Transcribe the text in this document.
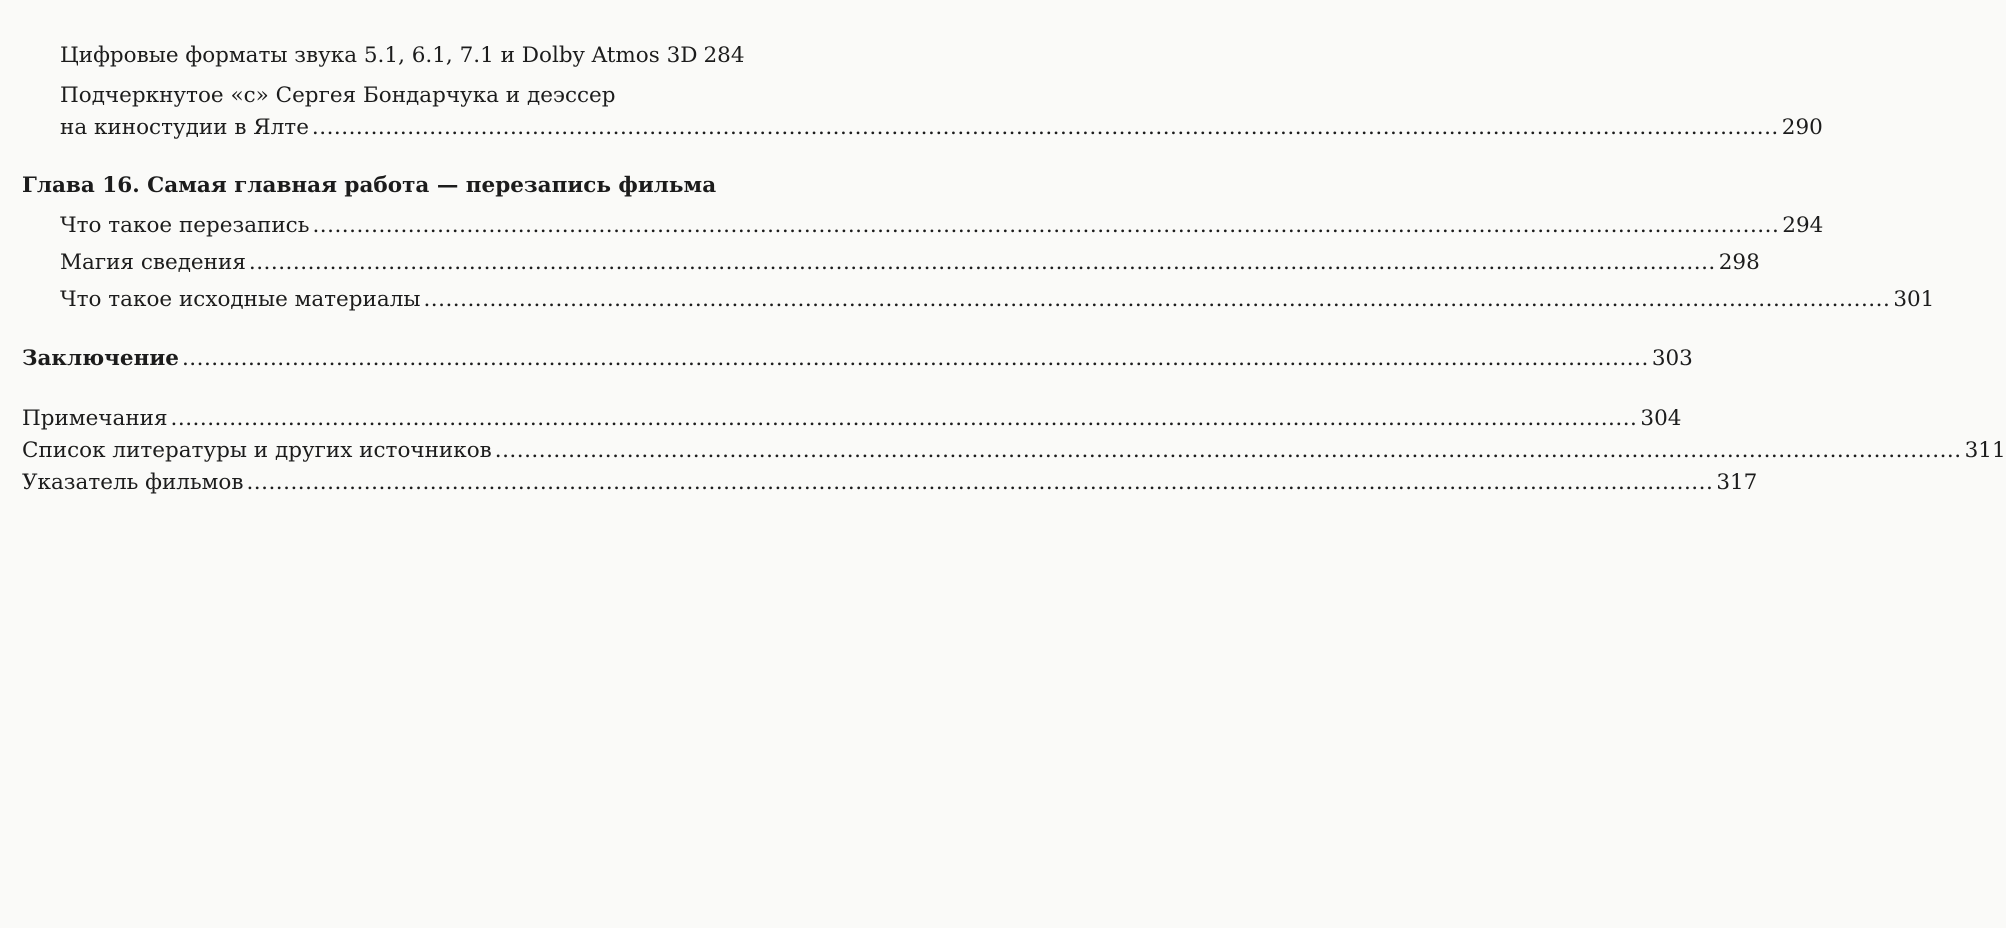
Цифровые форматы звука 5.1, 6.1, 7.1 и Dolby Atmos 3D 284
Подчеркнутое «с» Сергея Бондарчука и деэссер
на киностудии в Ялте .....	290
Глава 16. Самая главная работа — перезапись фильма
Что такое перезапись .....	294
Магия сведения .....	298
Что такое исходные материалы .....	301
Заключение .....	303
Примечания .....	304
Список литературы и других источников .....	311
Указатель фильмов .....	317
